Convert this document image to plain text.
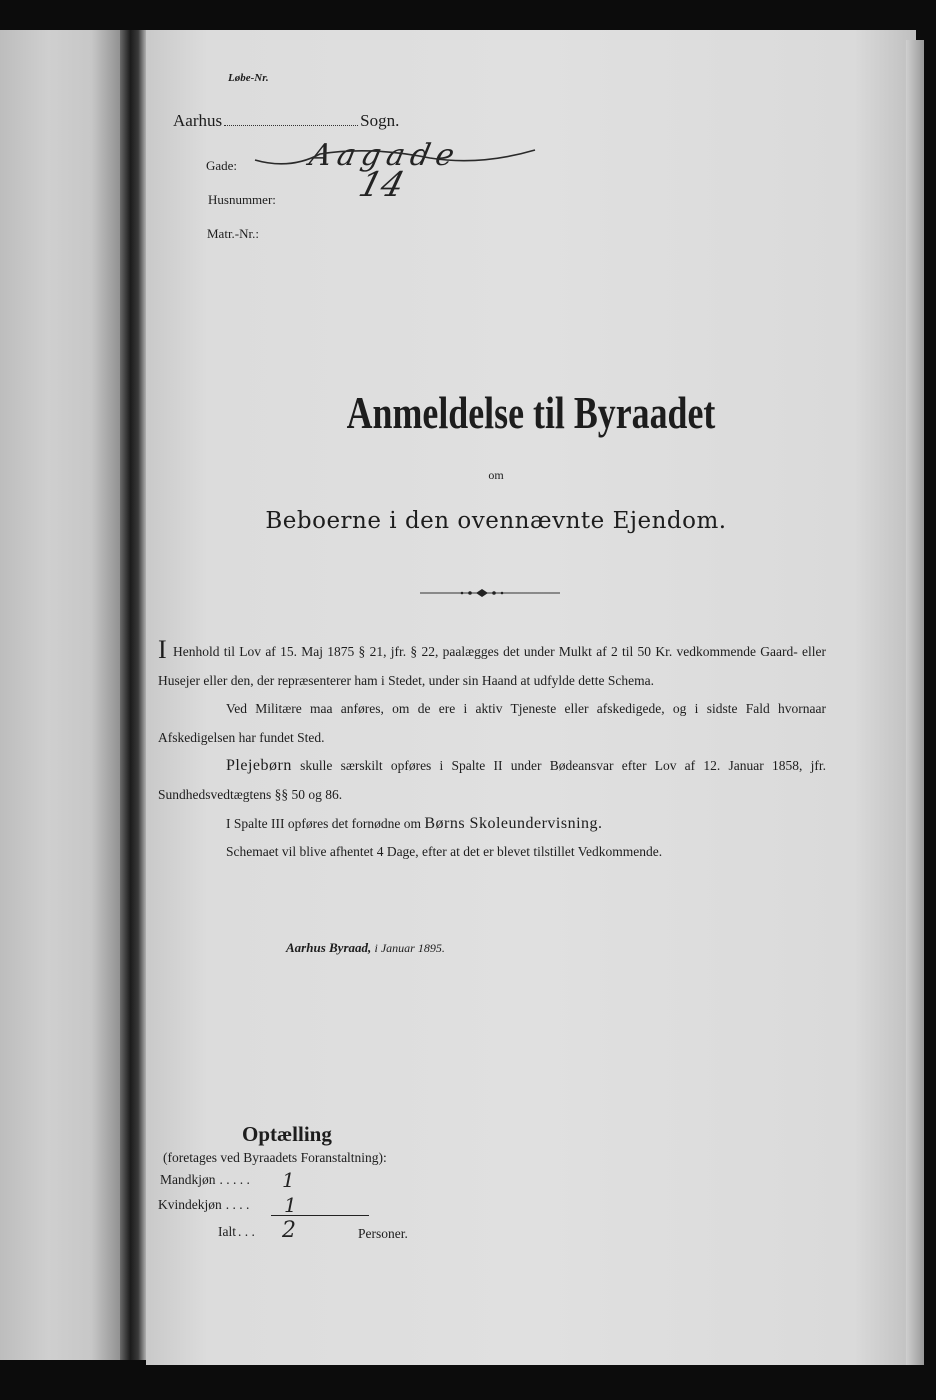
Løbe-Nr.
Aarhus	Sogn.
Gade: Aagade
Husnummer: 14
Matr.-Nr.:
Anmeldelse til Byraadet
om
Beboerne i den ovennævnte Ejendom.

I Henhold til Lov af 15. Maj 1875 § 21, jfr. § 22, paalægges det under Mulkt af 2 til 50 Kr. vedkommende Gaard- eller Husejer eller den, der repræsenterer ham i Stedet, under sin Haand at udfylde dette Schema.

Ved Militære maa anføres, om de ere i aktiv Tjeneste eller afskedigede, og i sidste Fald hvornaar Afskedigelsen har fundet Sted.

Plejebørn skulle særskilt opføres i Spalte II under Bødeansvar efter Lov af 12. Januar 1858, jfr. Sundhedsvedtægtens §§ 50 og 86.

I Spalte III opføres det fornødne om Børns Skoleundervisning.

Schemaet vil blive afhentet 4 Dage, efter at det er blevet tilstillet Vedkommende.

Aarhus Byraad, i Januar 1895.
Optælling
(foretages ved Byraadets Foranstaltning):
Mandkjøn . . . . . 1
Kvindekjøn . . . . 1
Ialt . . . 2	Personer.
